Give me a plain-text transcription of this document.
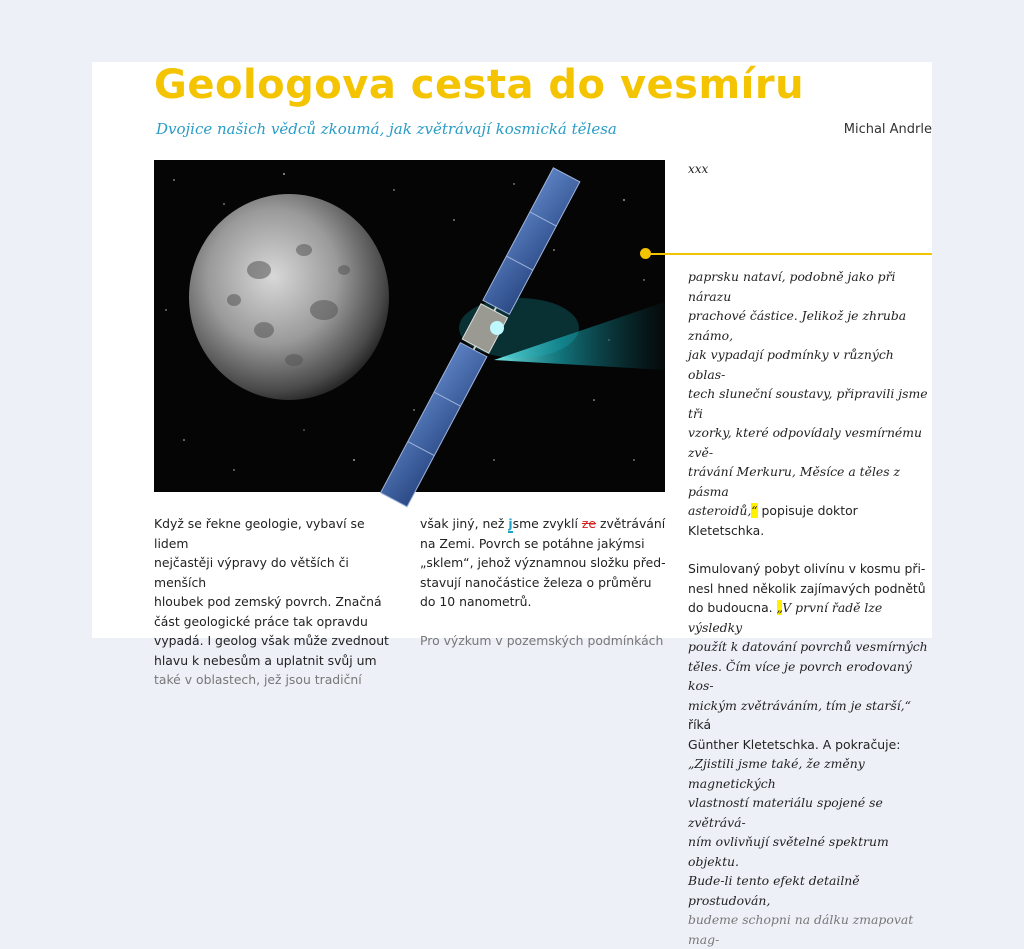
Geologova cesta do vesmíru
Dvojice našich vědců zkoumá, jak zvětrávají kosmická tělesa	Michal Andrle
xxx

Když se řekne geologie, vybaví se lidem

nejčastěji výpravy do větších či menších

hloubek pod zemský povrch. Značná

část geologické práce tak opravdu

vypadá. I geolog však může zvednout

hlavu k nebesům a uplatnit svůj um

také v oblastech, jež jsou tradiční

však jiný, než jsme zvyklí ze zvětrávání

na Zemi. Povrch se potáhne jakýmsi

„sklem“, jehož významnou složku před-

stavují nanočástice železa o průměru

do 10 nanometrů.

Pro výzkum v pozemských podmínkách

paprsku nataví, podobně jako při nárazu

prachové částice. Jelikož je zhruba známo,

jak vypadají podmínky v různých oblas-

tech sluneční soustavy, připravili jsme tři

vzorky, které odpovídaly vesmírnému zvě-

trávání Merkuru, Měsíce a těles z pásma

asteroidů,“ popisuje doktor Kletetschka.

Simulovaný pobyt olivínu v kosmu při-

nesl hned několik zajímavých podnětů

do budoucna. „V první řadě lze výsledky

použít k datování povrchů vesmírných

těles. Čím více je povrch erodovaný kos-

mickým zvětráváním, tím je starší,“ říká

Günther Kletetschka. A pokračuje:

„Zjistili jsme také, že změny magnetických

vlastností materiálu spojené se zvětrává-

ním ovlivňují světelné spektrum objektu.

Bude-li tento efekt detailně prostudován,

budeme schopni na dálku zmapovat mag-
